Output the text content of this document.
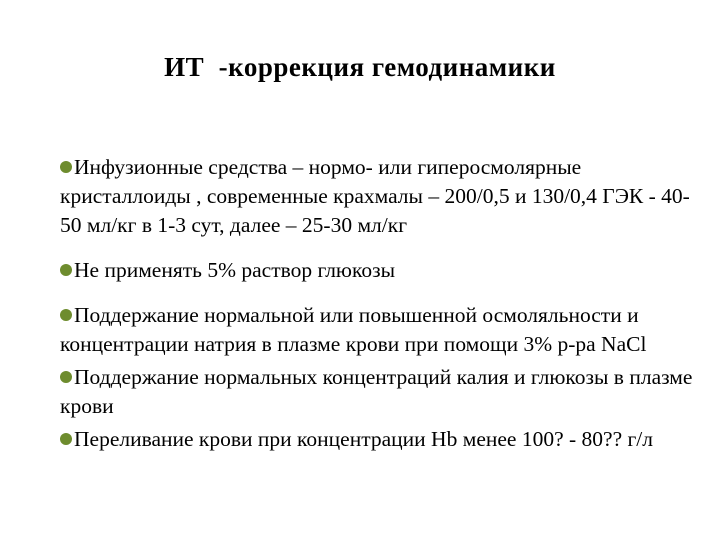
ИТ  -коррекция гемодинамики
Инфузионные средства – нормо- или гиперосмолярные кристаллоиды , современные крахмалы – 200/0,5 и 130/0,4 ГЭК - 40-50 мл/кг в 1-3 сут, далее – 25-30 мл/кг
Не применять 5% раствор глюкозы
Поддержание нормальной или повышенной осмоляльности и концентрации натрия в плазме крови при помощи 3% р-ра NaCl
Поддержание нормальных концентраций калия и глюкозы в плазме крови
Переливание крови при концентрации Hb менее 100? - 80?? г/л
